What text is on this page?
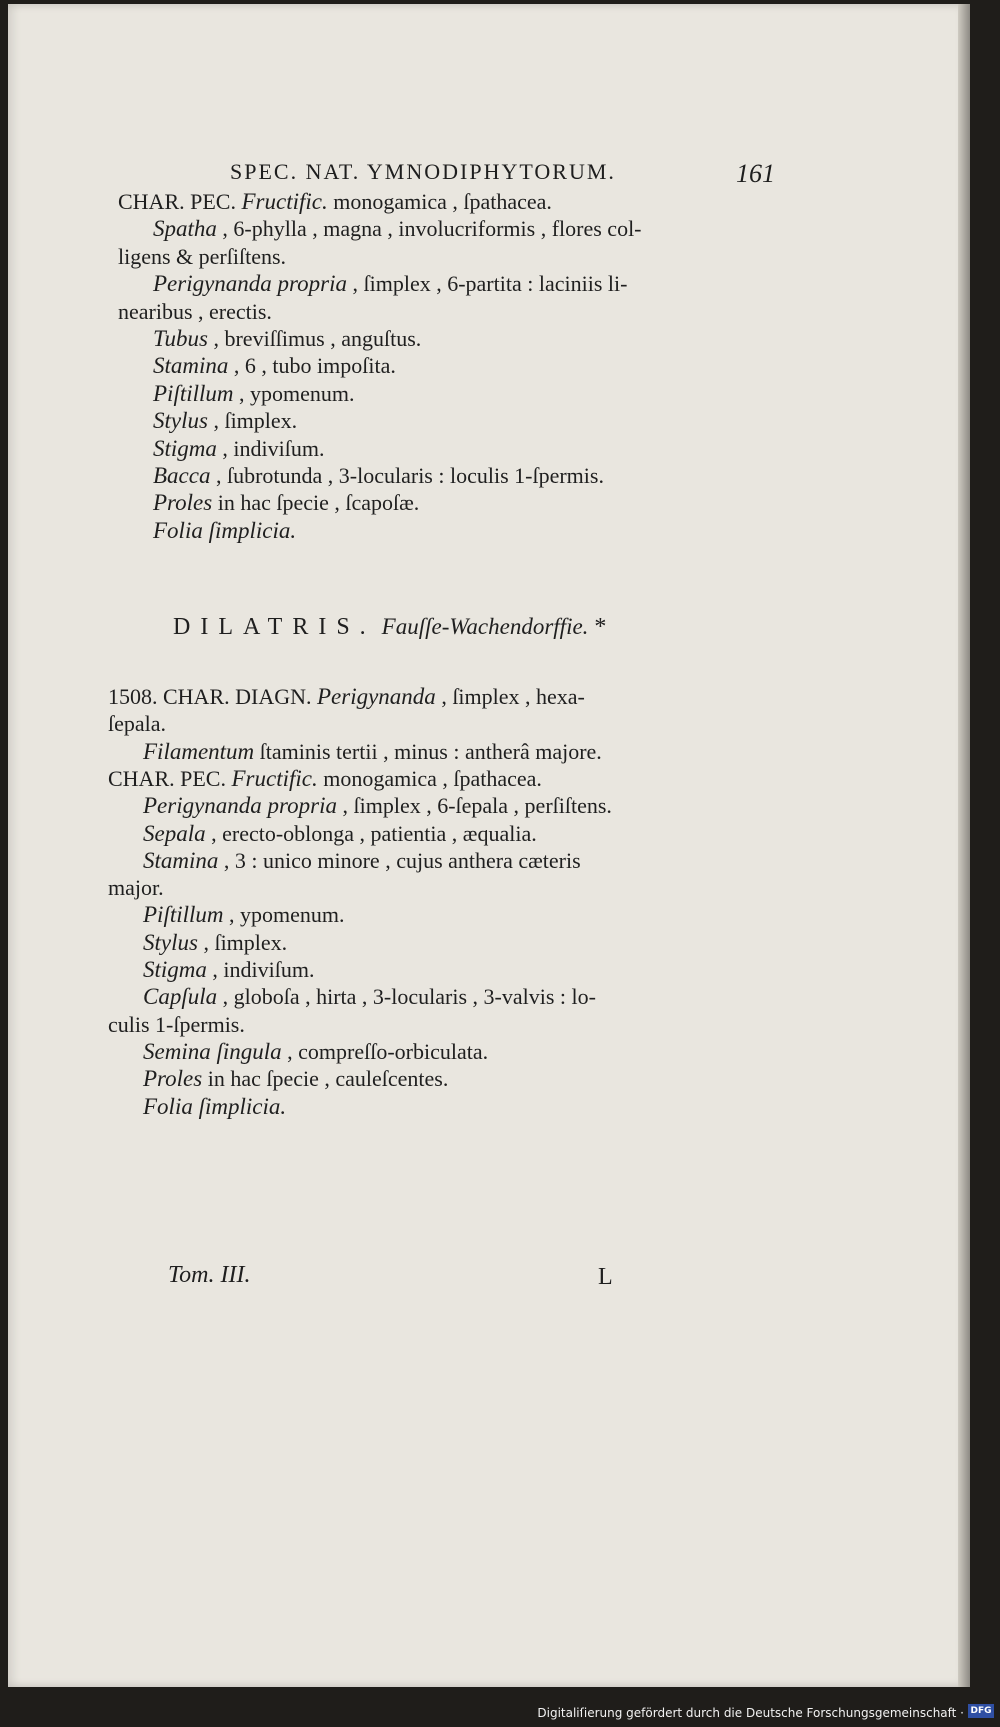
SPEC. NAT. YMNODIPHYTORUM.	161
CHAR. PEC. Fructific. monogamica , ſpathacea.
Spatha , 6-phylla , magna , involucriformis , flores col-
ligens & perſiſtens.
Perigynanda propria , ſimplex , 6-partita : laciniis li-
nearibus , erectis.
Tubus , breviſſimus , anguſtus.
Stamina , 6 , tubo impoſita.
Piſtillum , ypomenum.
Stylus , ſimplex.
Stigma , indiviſum.
Bacca , ſubrotunda , 3-locularis : loculis 1-ſpermis.
Proles in hac ſpecie , ſcapoſæ.
Folia ſimplicia.
DILATRIS. Fauſſe-Wachendorffie. *
1508. CHAR. DIAGN. Perigynanda , ſimplex , hexa-
ſepala.
Filamentum ſtaminis tertii , minus : antherâ majore.
CHAR. PEC. Fructific. monogamica , ſpathacea.
Perigynanda propria , ſimplex , 6-ſepala , perſiſtens.
Sepala , erecto-oblonga , patientia , æqualia.
Stamina , 3 : unico minore , cujus anthera cæteris
major.
Piſtillum , ypomenum.
Stylus , ſimplex.
Stigma , indiviſum.
Capſula , globoſa , hirta , 3-locularis , 3-valvis : lo-
culis 1-ſpermis.
Semina ſingula , compreſſo-orbiculata.
Proles in hac ſpecie , cauleſcentes.
Folia ſimplicia.
Tom. III.	L
Digitaliſierung gefördert durch die Deutsche Forschungsgemeinschaft · DFG
